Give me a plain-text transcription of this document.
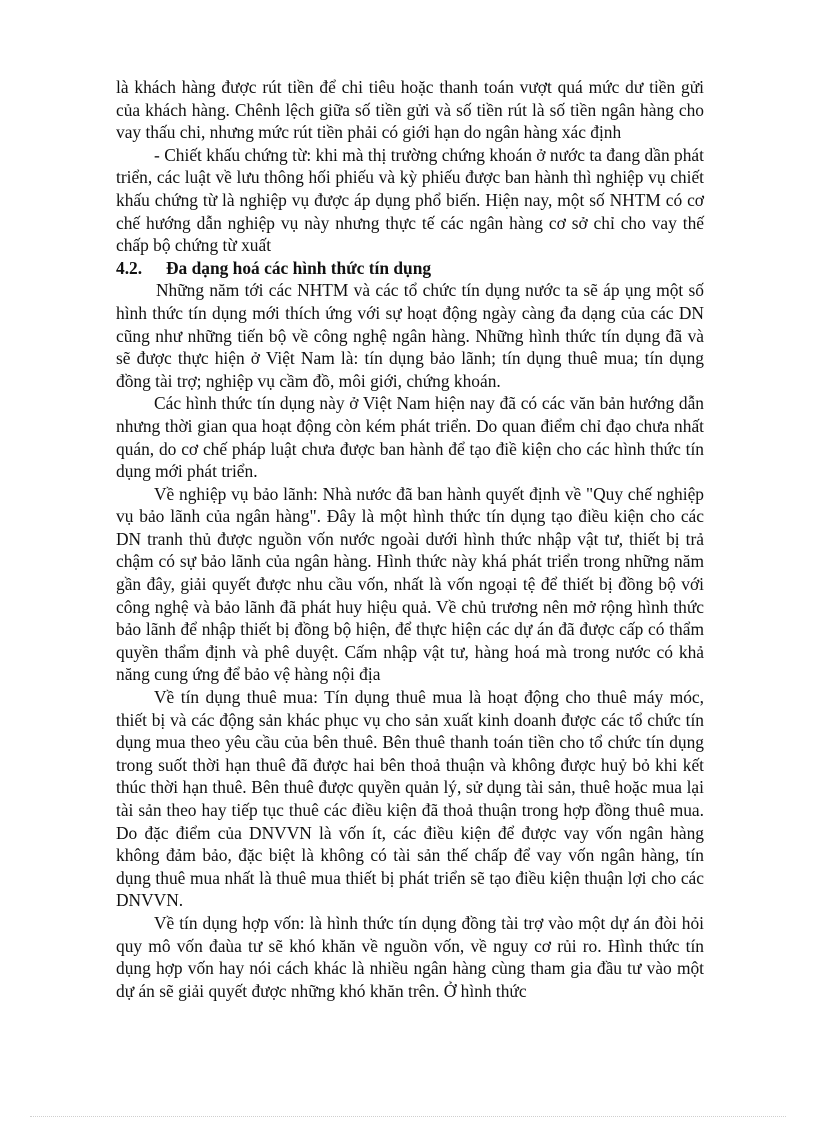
là khách hàng được rút tiền để chi tiêu hoặc thanh toán vượt quá mức dư tiền gửi của khách hàng. Chênh lệch giữa số tiền gửi và số tiền rút là số tiền ngân hàng cho vay thấu chi, nhưng mức rút tiền phải có giới hạn do ngân hàng xác định

- Chiết khấu chứng từ: khi mà thị trường chứng khoán ở nước ta đang dần phát triển, các luật về lưu thông hối phiếu và kỳ phiếu được ban hành thì nghiệp vụ chiết khấu chứng từ là nghiệp vụ được áp dụng phổ biến. Hiện nay, một số NHTM có cơ chế hướng dẫn nghiệp vụ này nhưng thực tế các ngân hàng cơ sở chỉ cho vay thế chấp bộ chứng từ xuất

4.2. Đa dạng hoá các hình thức tín dụng

Những năm tới các NHTM và các tổ chức tín dụng nước ta sẽ áp ụng một số hình thức tín dụng mới thích ứng với sự hoạt động ngày càng đa dạng của các DN cũng như những tiến bộ về công nghệ ngân hàng. Những hình thức tín dụng đã và sẽ được thực hiện ở Việt Nam là: tín dụng bảo lãnh; tín dụng thuê mua; tín dụng đồng tài trợ; nghiệp vụ cầm đồ, môi giới, chứng khoán.

Các hình thức tín dụng này ở Việt Nam hiện nay đã có các văn bản hướng dẫn nhưng thời gian qua hoạt động còn kém phát triển. Do quan điểm chỉ đạo chưa nhất quán, do cơ chế pháp luật chưa được ban hành để tạo điề kiện cho các hình thức tín dụng mới phát triển.

Về nghiệp vụ bảo lãnh: Nhà nước đã ban hành quyết định về "Quy chế nghiệp vụ bảo lãnh của ngân hàng". Đây là một hình thức tín dụng tạo điều kiện cho các DN tranh thủ được nguồn vốn nước ngoài dưới hình thức nhập vật tư, thiết bị trả chậm có sự bảo lãnh của ngân hàng. Hình thức này khá phát triển trong những năm gần đây, giải quyết được nhu cầu vốn, nhất là vốn ngoại tệ để thiết bị đồng bộ với công nghệ và bảo lãnh đã phát huy hiệu quả. Về chủ trương nên mở rộng hình thức bảo lãnh để nhập thiết bị đồng bộ hiện, để thực hiện các dự án đã được cấp có thẩm quyền thẩm định và phê duyệt. Cấm nhập vật tư, hàng hoá mà trong nước có khả năng cung ứng để bảo vệ hàng nội địa

Về tín dụng thuê mua: Tín dụng thuê mua là hoạt động cho thuê máy móc, thiết bị và các động sản khác phục vụ cho sản xuất kinh doanh được các tổ chức tín dụng mua theo yêu cầu của bên thuê. Bên thuê thanh toán tiền cho tổ chức tín dụng trong suốt thời hạn thuê đã được hai bên thoả thuận và không được huỷ bỏ khi kết thúc thời hạn thuê. Bên thuê được quyền quản lý, sử dụng tài sản, thuê hoặc mua lại tài sản theo hay tiếp tục thuê các điều kiện đã thoả thuận trong hợp đồng thuê mua. Do đặc điểm của DNVVN là vốn ít, các điều kiện để được vay vốn ngân hàng không đảm bảo, đặc biệt là không có tài sản thế chấp để vay vốn ngân hàng, tín dụng thuê mua nhất là thuê mua thiết bị phát triển sẽ tạo điều kiện thuận lợi cho các DNVVN.

Về tín dụng hợp vốn: là hình thức tín dụng đồng tài trợ vào một dự án đòi hỏi quy mô vốn đaùa tư sẽ khó khăn về nguồn vốn, về nguy cơ rủi ro. Hình thức tín dụng hợp vốn hay nói cách khác là nhiều ngân hàng cùng tham gia đầu tư vào một dự án sẽ giải quyết được những khó khăn trên. Ở hình thức
